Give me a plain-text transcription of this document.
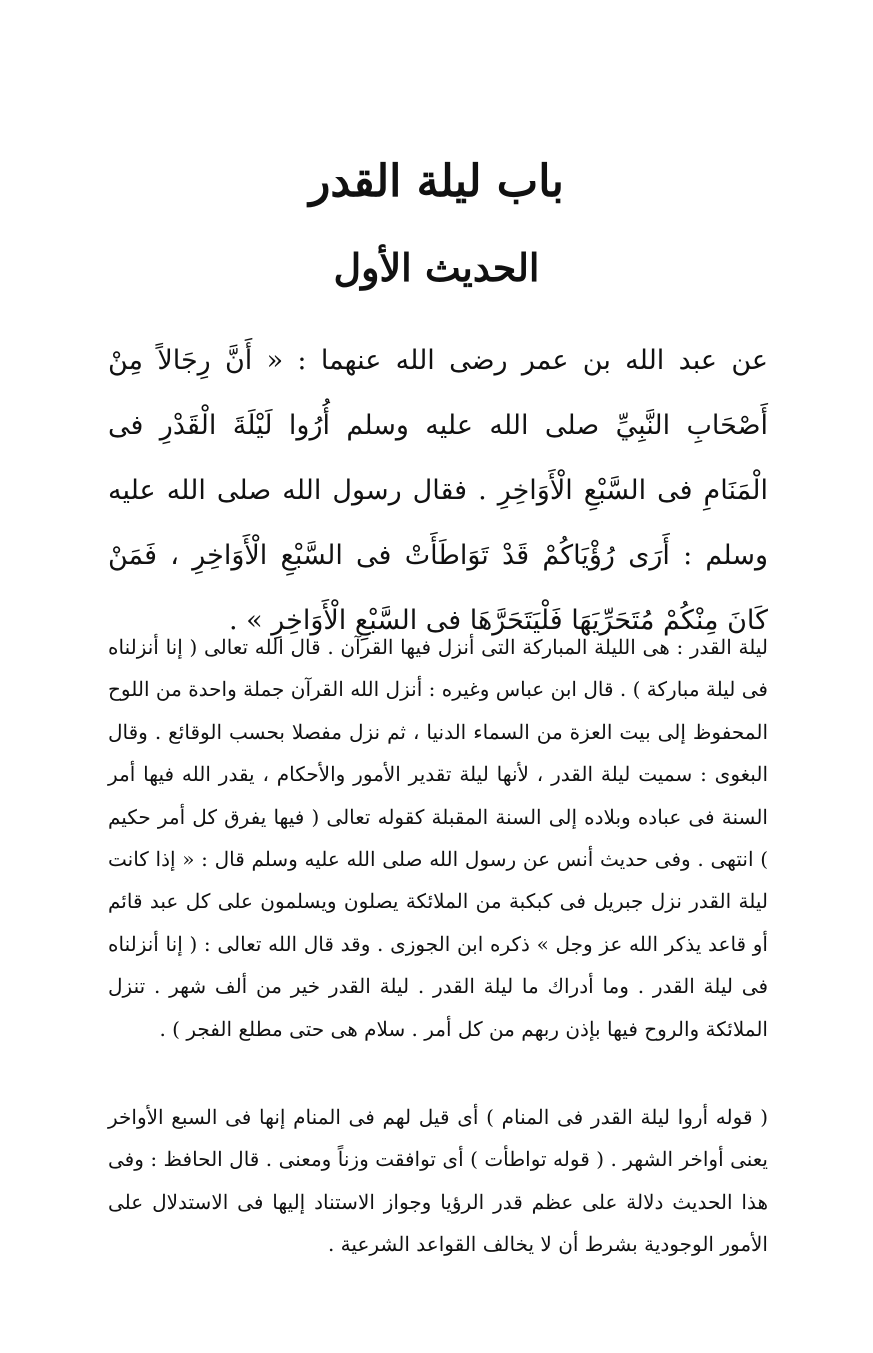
باب ليلة القدر
الحديث الأول

عن عبد الله بن عمر رضى الله عنهما : « أَنَّ رِجَالاً مِنْ أَصْحَابِ النَّبِيِّ صلى الله عليه وسلم أُرُوا لَيْلَةَ الْقَدْرِ فى الْمَنَامِ فى السَّبْعِ الْأَوَاخِرِ . فقال رسول الله صلى الله عليه وسلم : أَرَى رُؤْيَاكُمْ قَدْ تَوَاطَأَتْ فى السَّبْعِ الْأَوَاخِرِ ، فَمَنْ كَانَ مِنْكُمْ مُتَحَرِّيَهَا فَلْيَتَحَرَّهَا فى السَّبْعِ الْأَوَاخِرِ » .

ليلة القدر : هى الليلة المباركة التى أنزل فيها القرآن . قال الله تعالى ( إنا أنزلناه فى ليلة مباركة ) . قال ابن عباس وغيره : أنزل الله القرآن جملة واحدة من اللوح المحفوظ إلى بيت العزة من السماء الدنيا ، ثم نزل مفصلا بحسب الوقائع . وقال البغوى : سميت ليلة القدر ، لأنها ليلة تقدير الأمور والأحكام ، يقدر الله فيها أمر السنة فى عباده وبلاده إلى السنة المقبلة كقوله تعالى ( فيها يفرق كل أمر حكيم ) انتهى . وفى حديث أنس عن رسول الله صلى الله عليه وسلم قال : « إذا كانت ليلة القدر نزل جبريل فى كبكبة من الملائكة يصلون ويسلمون على كل عبد قائم أو قاعد يذكر الله عز وجل » ذكره ابن الجوزى . وقد قال الله تعالى : ( إنا أنزلناه فى ليلة القدر . وما أدراك ما ليلة القدر . ليلة القدر خير من ألف شهر . تنزل الملائكة والروح فيها بإذن ربهم من كل أمر . سلام هى حتى مطلع الفجر ) .

( قوله أروا ليلة القدر فى المنام ) أى قيل لهم فى المنام إنها فى السبع الأواخر يعنى أواخر الشهر . ( قوله تواطأت ) أى توافقت وزناً ومعنى . قال الحافظ : وفى هذا الحديث دلالة على عظم قدر الرؤيا وجواز الاستناد إليها فى الاستدلال على الأمور الوجودية بشرط أن لا يخالف القواعد الشرعية .
